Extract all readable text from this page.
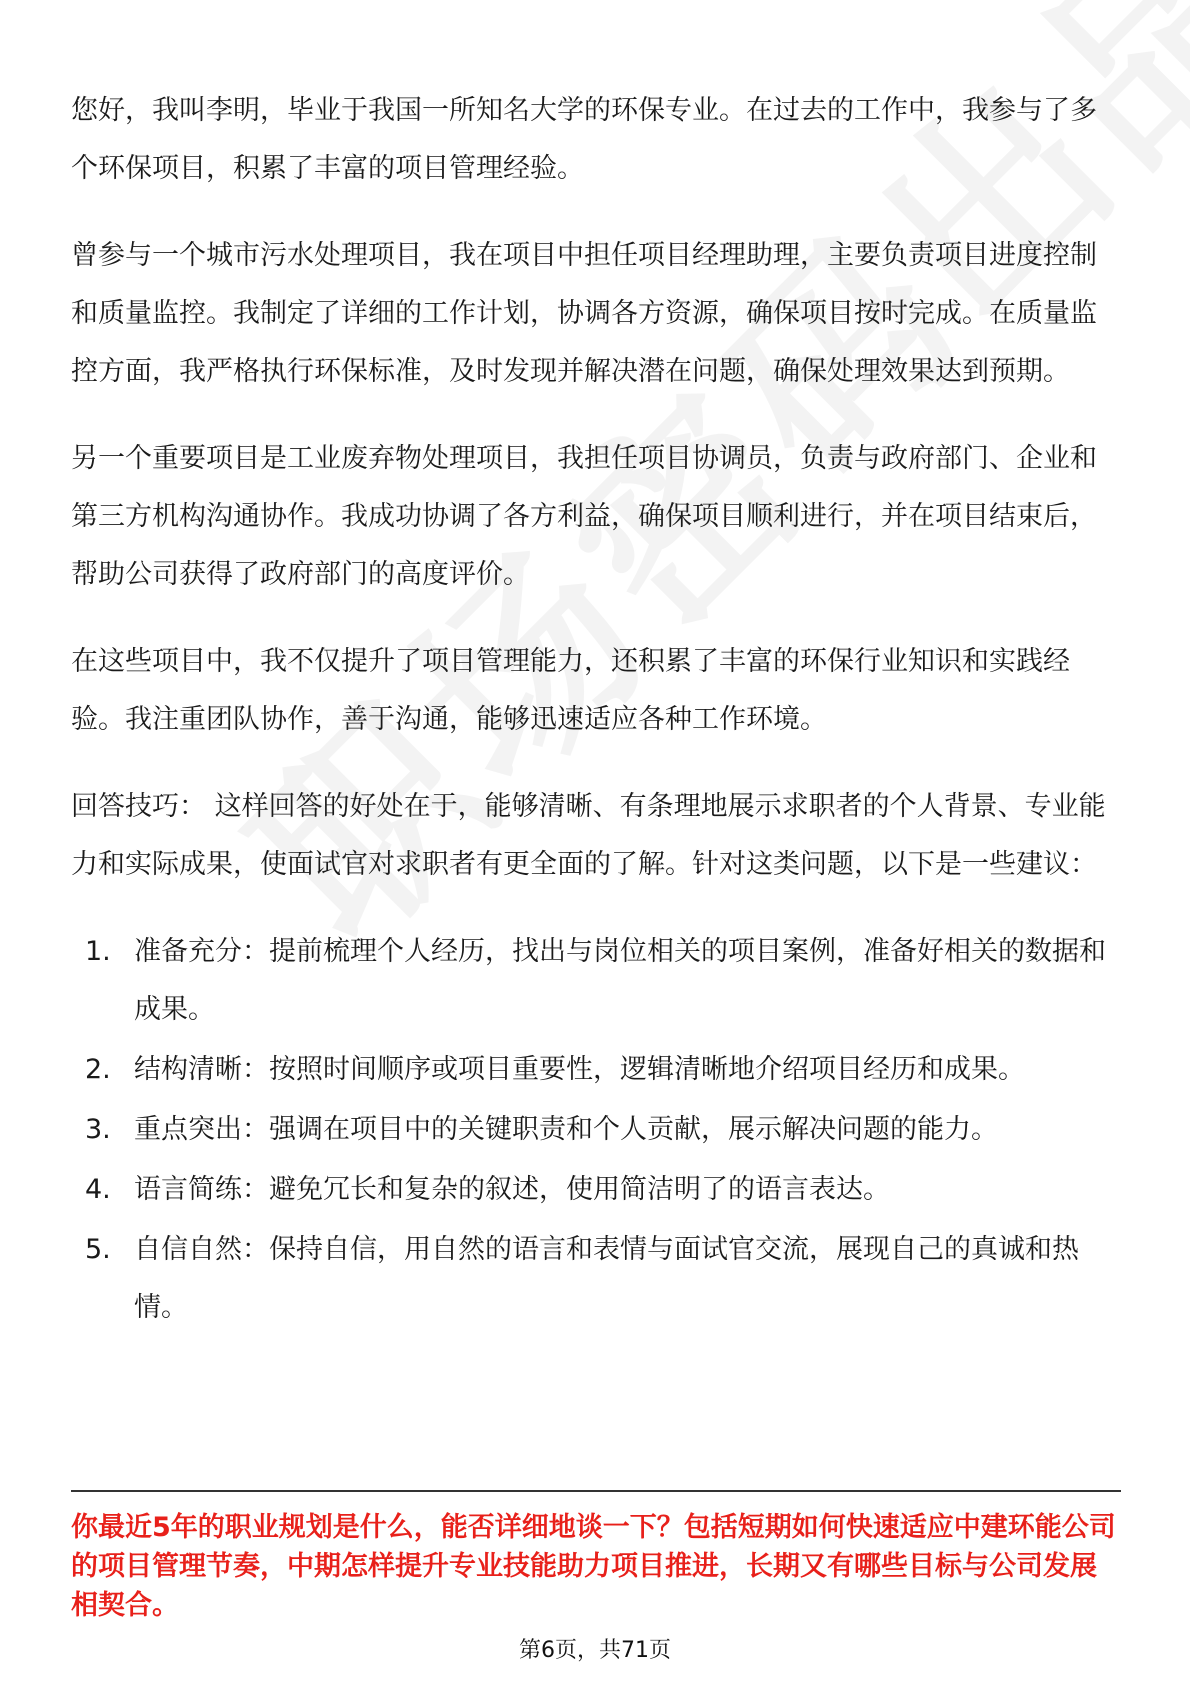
您好，我叫李明，毕业于我国一所知名大学的环保专业。在过去的工作中，我参与了多个环保项目，积累了丰富的项目管理经验。

曾参与一个城市污水处理项目，我在项目中担任项目经理助理，主要负责项目进度控制和质量监控。我制定了详细的工作计划，协调各方资源，确保项目按时完成。在质量监控方面，我严格执行环保标准，及时发现并解决潜在问题，确保处理效果达到预期。

另一个重要项目是工业废弃物处理项目，我担任项目协调员，负责与政府部门、企业和第三方机构沟通协作。我成功协调了各方利益，确保项目顺利进行，并在项目结束后，帮助公司获得了政府部门的高度评价。

在这些项目中，我不仅提升了项目管理能力，还积累了丰富的环保行业知识和实践经验。我注重团队协作，善于沟通，能够迅速适应各种工作环境。

回答技巧： 这样回答的好处在于，能够清晰、有条理地展示求职者的个人背景、专业能力和实际成果，使面试官对求职者有更全面的了解。针对这类问题，以下是一些建议：

1. 准备充分：提前梳理个人经历，找出与岗位相关的项目案例，准备好相关的数据和成果。
2. 结构清晰：按照时间顺序或项目重要性，逻辑清晰地介绍项目经历和成果。
3. 重点突出：强调在项目中的关键职责和个人贡献，展示解决问题的能力。
4. 语言简练：避免冗长和复杂的叙述，使用简洁明了的语言表达。
5. 自信自然：保持自信，用自然的语言和表情与面试官交流，展现自己的真诚和热情。
你最近5年的职业规划是什么，能否详细地谈一下？包括短期如何快速适应中建环能公司的项目管理节奏，中期怎样提升专业技能助力项目推进，长期又有哪些目标与公司发展相契合。
第6页，共71页
